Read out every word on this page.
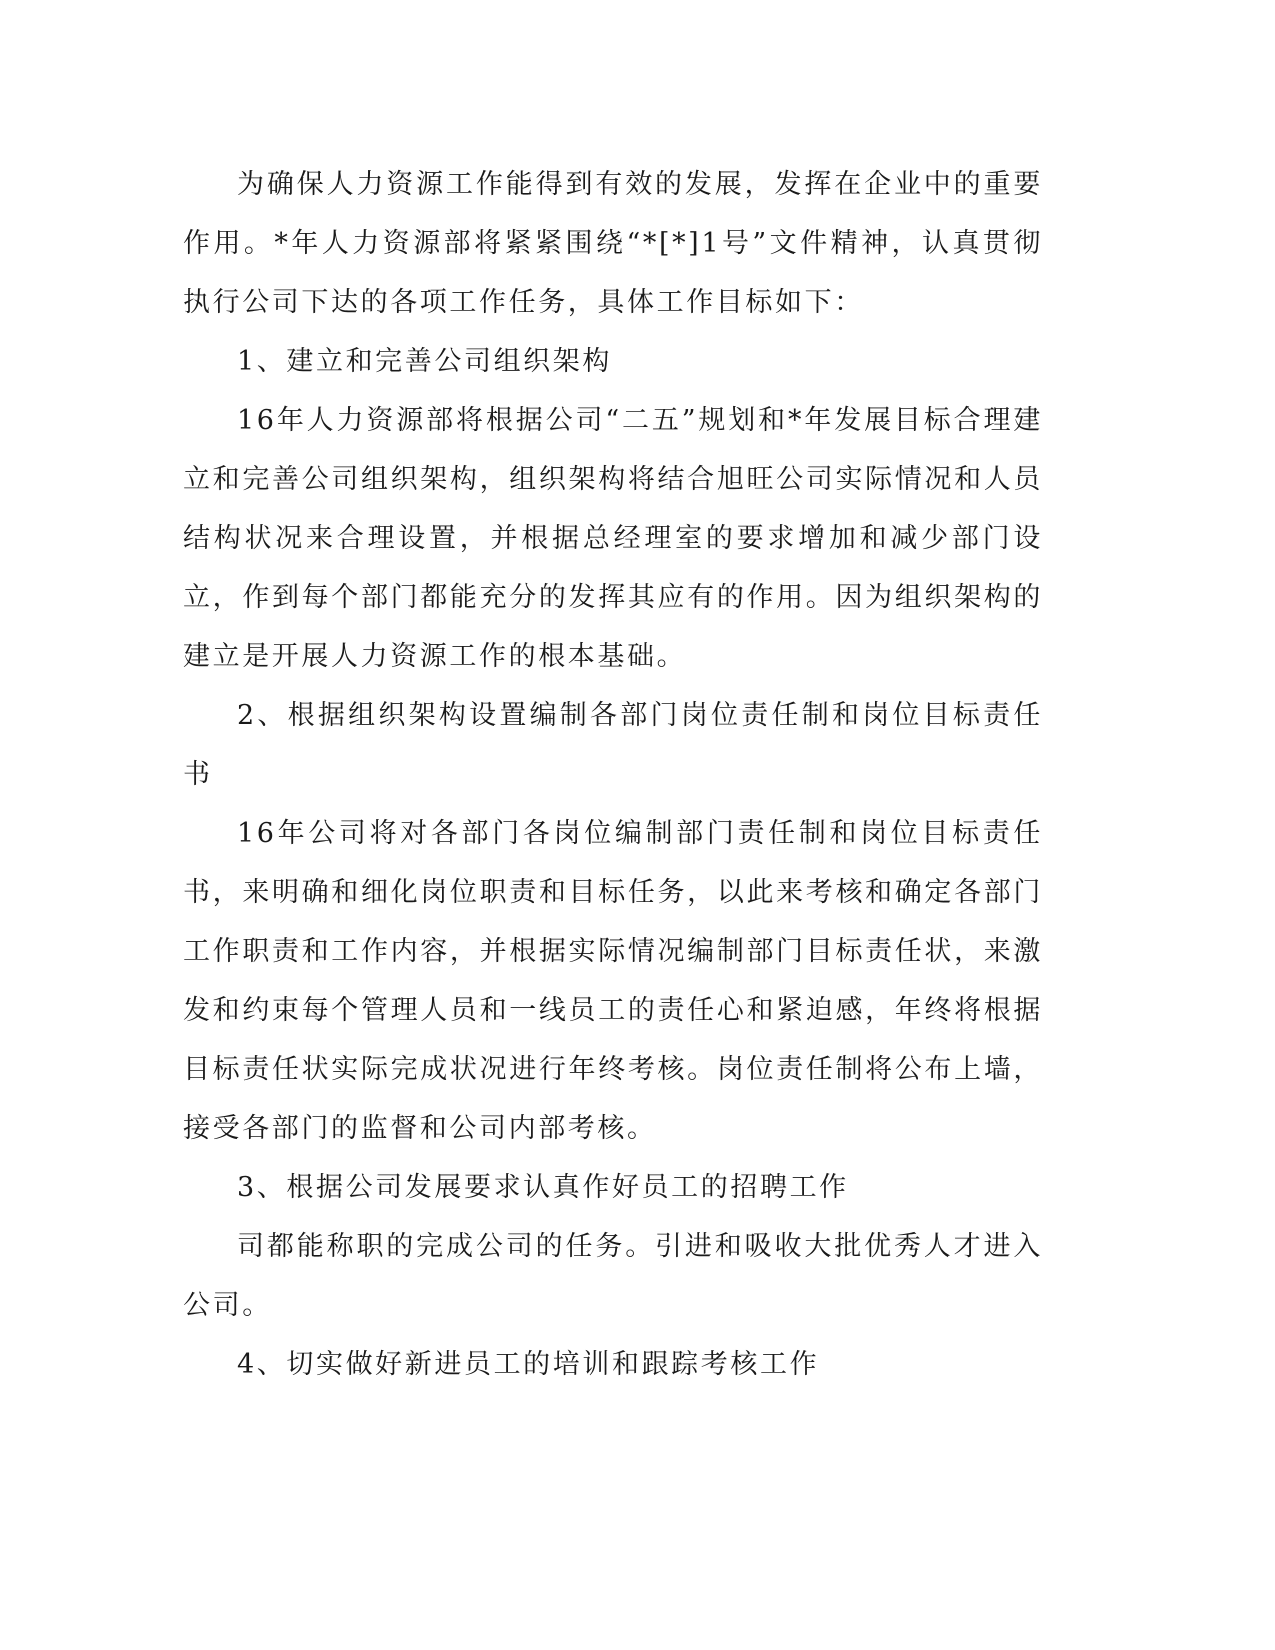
为确保人力资源工作能得到有效的发展，发挥在企业中的重要作用。*年人力资源部将紧紧围绕“*[*]1号”文件精神，认真贯彻执行公司下达的各项工作任务，具体工作目标如下：

1、建立和完善公司组织架构

16年人力资源部将根据公司“二五”规划和*年发展目标合理建立和完善公司组织架构，组织架构将结合旭旺公司实际情况和人员结构状况来合理设置，并根据总经理室的要求增加和减少部门设立，作到每个部门都能充分的发挥其应有的作用。因为组织架构的建立是开展人力资源工作的根本基础。

2、根据组织架构设置编制各部门岗位责任制和岗位目标责任书

16年公司将对各部门各岗位编制部门责任制和岗位目标责任书，来明确和细化岗位职责和目标任务，以此来考核和确定各部门工作职责和工作内容，并根据实际情况编制部门目标责任状，来激发和约束每个管理人员和一线员工的责任心和紧迫感，年终将根据目标责任状实际完成状况进行年终考核。岗位责任制将公布上墙，接受各部门的监督和公司内部考核。

3、根据公司发展要求认真作好员工的招聘工作

司都能称职的完成公司的任务。引进和吸收大批优秀人才进入公司。

4、切实做好新进员工的培训和跟踪考核工作
